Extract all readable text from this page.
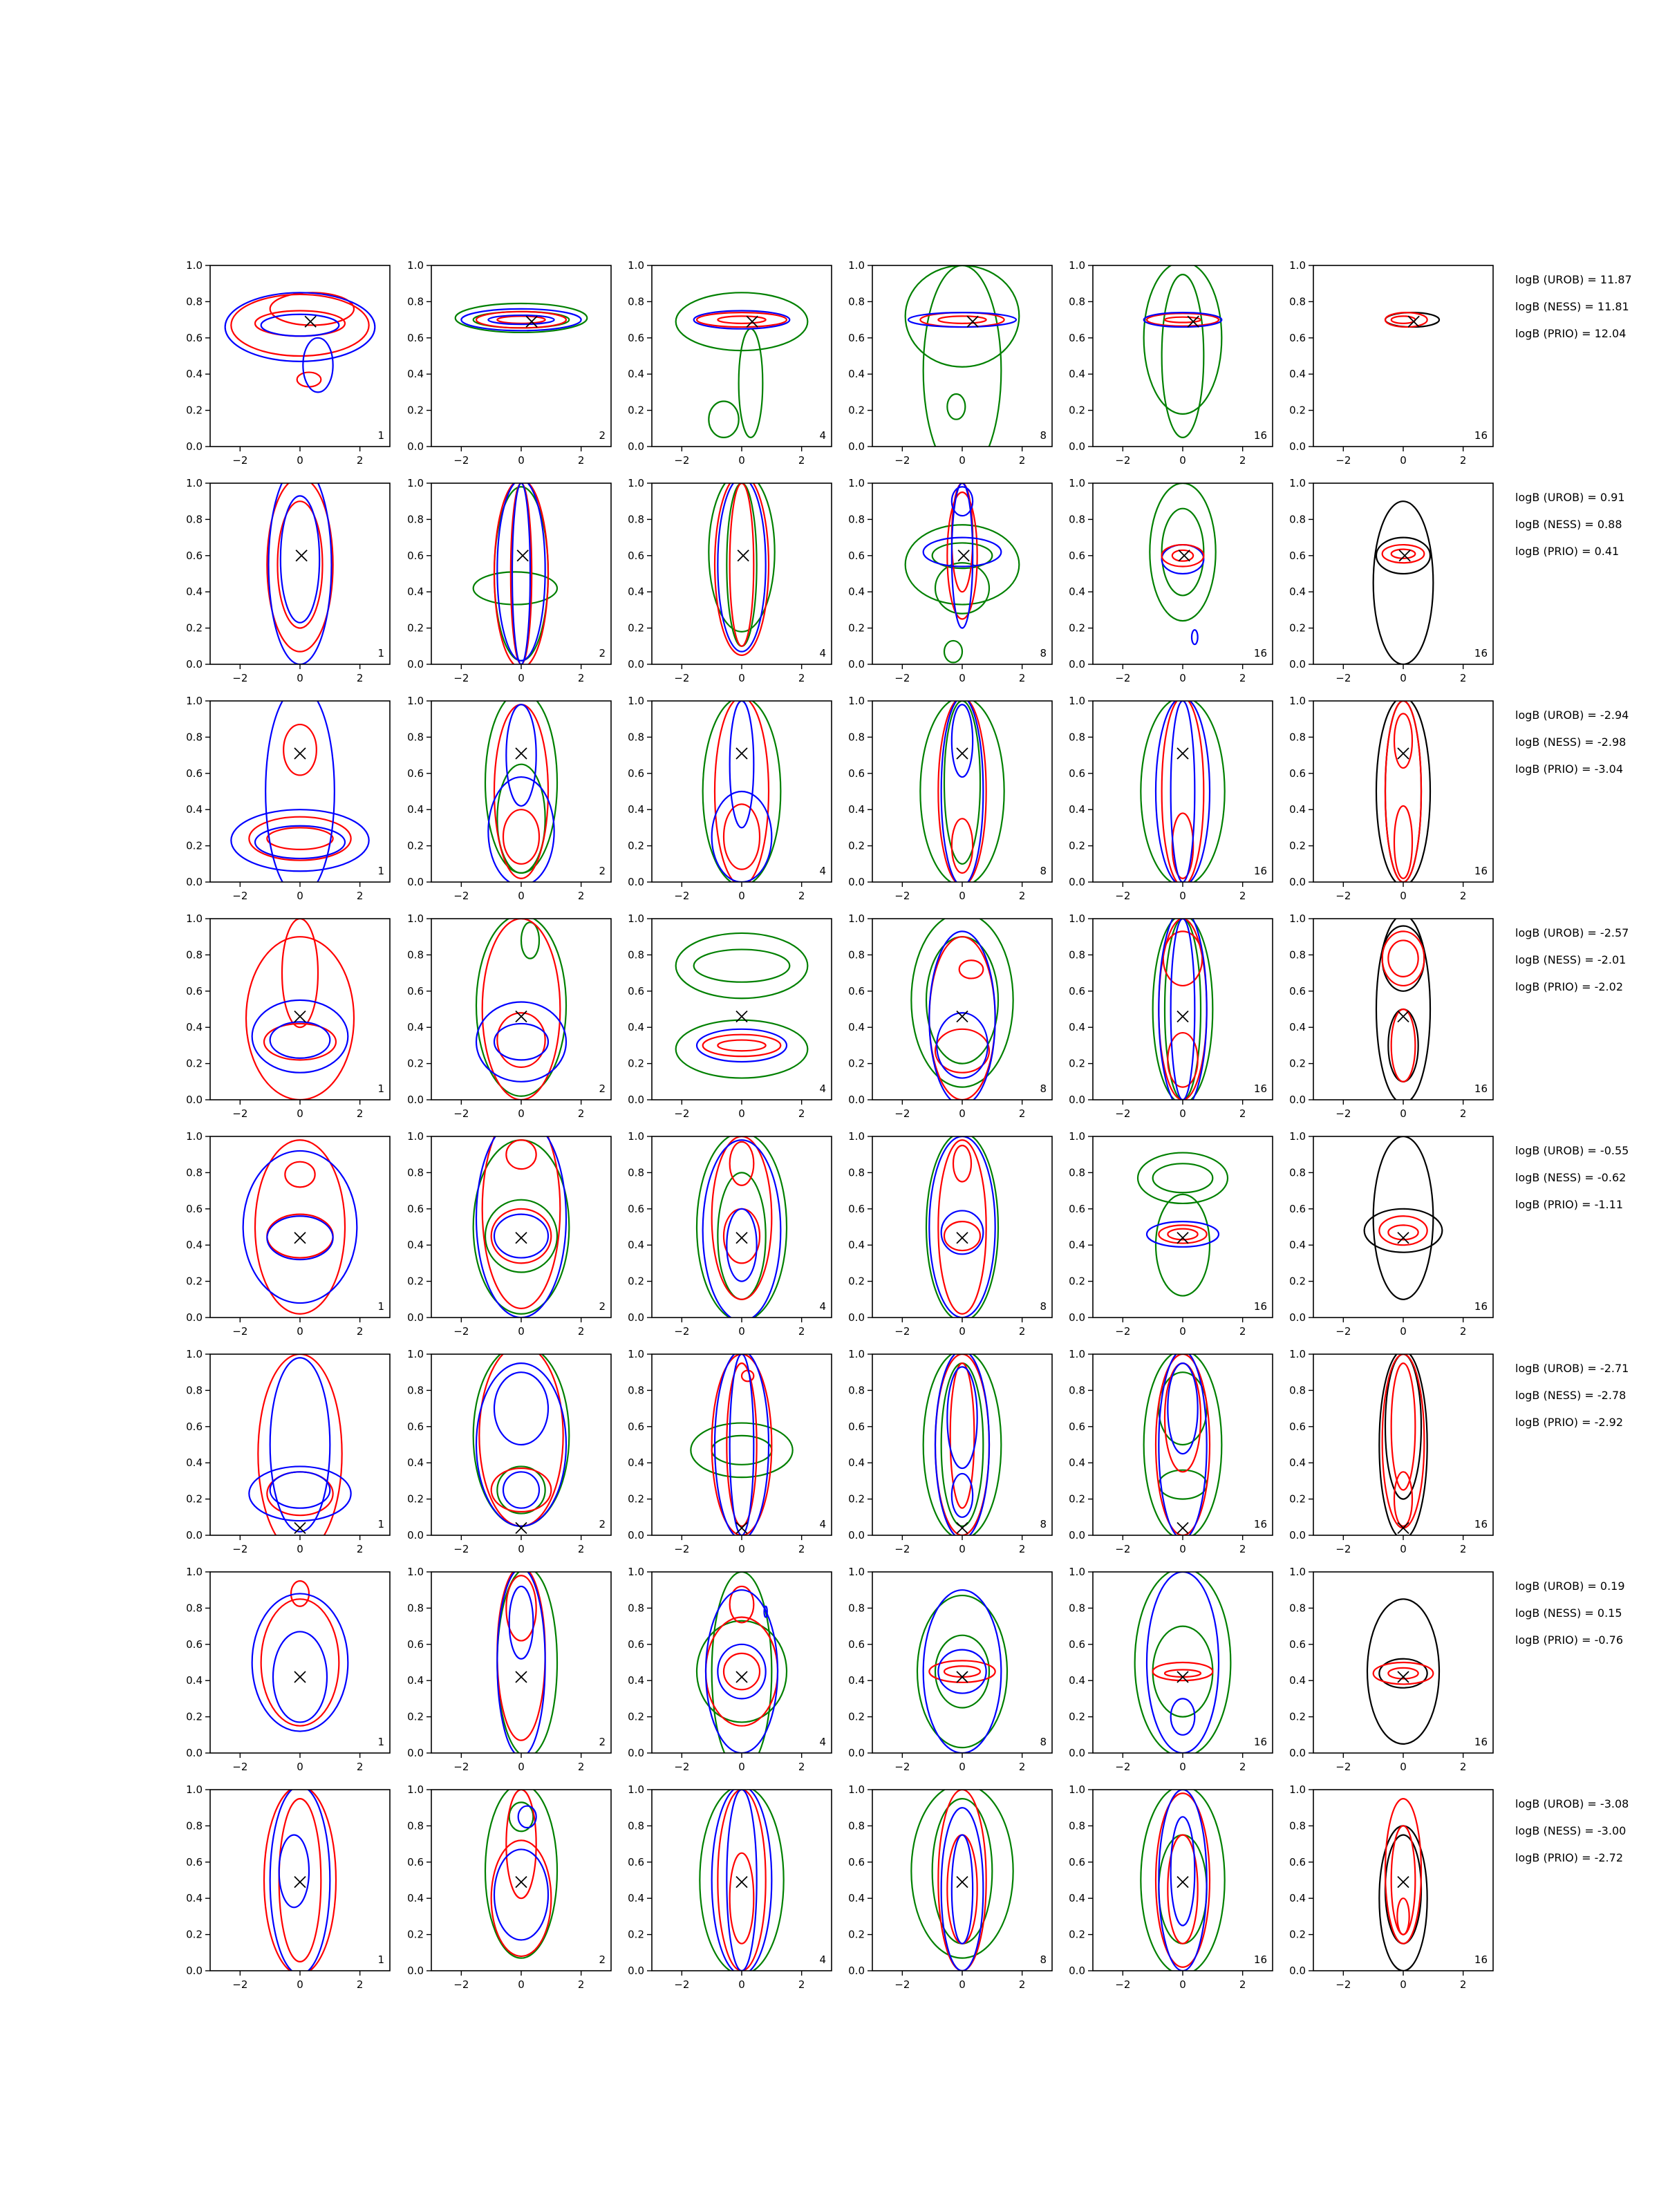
−2	0	2
0.0
0.2
0.4
0.6
0.8
1.0
1
−2	0	2
0.0
0.2
0.4
0.6
0.8
1.0
2
−2	0	2
0.0
0.2
0.4
0.6
0.8
1.0
4
−2	0	2
0.0
0.2
0.4
0.6
0.8
1.0
8
−2	0	2
0.0
0.2
0.4
0.6
0.8
1.0
16
−2	0	2
0.0
0.2
0.4
0.6
0.8
1.0
16
−2	0	2
0.0
0.2
0.4
0.6
0.8
1.0
1
−2	0	2
0.0
0.2
0.4
0.6
0.8
1.0
2
−2	0	2
0.0
0.2
0.4
0.6
0.8
1.0
4
−2	0	2
0.0
0.2
0.4
0.6
0.8
1.0
8
−2	0	2
0.0
0.2
0.4
0.6
0.8
1.0
16
−2	0	2
0.0
0.2
0.4
0.6
0.8
1.0
16
−2	0	2
0.0
0.2
0.4
0.6
0.8
1.0
1
−2	0	2
0.0
0.2
0.4
0.6
0.8
1.0
2
−2	0	2
0.0
0.2
0.4
0.6
0.8
1.0
4
−2	0	2
0.0
0.2
0.4
0.6
0.8
1.0
8
−2	0	2
0.0
0.2
0.4
0.6
0.8
1.0
16
−2	0	2
0.0
0.2
0.4
0.6
0.8
1.0
16
−2	0	2
0.0
0.2
0.4
0.6
0.8
1.0
1
−2	0	2
0.0
0.2
0.4
0.6
0.8
1.0
2
−2	0	2
0.0
0.2
0.4
0.6
0.8
1.0
4
−2	0	2
0.0
0.2
0.4
0.6
0.8
1.0
8
−2	0	2
0.0
0.2
0.4
0.6
0.8
1.0
16
−2	0	2
0.0
0.2
0.4
0.6
0.8
1.0
16
−2	0	2
0.0
0.2
0.4
0.6
0.8
1.0
1
−2	0	2
0.0
0.2
0.4
0.6
0.8
1.0
2
−2	0	2
0.0
0.2
0.4
0.6
0.8
1.0
4
−2	0	2
0.0
0.2
0.4
0.6
0.8
1.0
8
−2	0	2
0.0
0.2
0.4
0.6
0.8
1.0
16
−2	0	2
0.0
0.2
0.4
0.6
0.8
1.0
16
−2	0	2
0.0
0.2
0.4
0.6
0.8
1.0
1
−2	0	2
0.0
0.2
0.4
0.6
0.8
1.0
2
−2	0	2
0.0
0.2
0.4
0.6
0.8
1.0
4
−2	0	2
0.0
0.2
0.4
0.6
0.8
1.0
8
−2	0	2
0.0
0.2
0.4
0.6
0.8
1.0
16
−2	0	2
0.0
0.2
0.4
0.6
0.8
1.0
16
−2	0	2
0.0
0.2
0.4
0.6
0.8
1.0
1
−2	0	2
0.0
0.2
0.4
0.6
0.8
1.0
2
−2	0	2
0.0
0.2
0.4
0.6
0.8
1.0
4
−2	0	2
0.0
0.2
0.4
0.6
0.8
1.0
8
−2	0	2
0.0
0.2
0.4
0.6
0.8
1.0
16
−2	0	2
0.0
0.2
0.4
0.6
0.8
1.0
16
−2	0	2
0.0
0.2
0.4
0.6
0.8
1.0
1
−2	0	2
0.0
0.2
0.4
0.6
0.8
1.0
2
−2	0	2
0.0
0.2
0.4
0.6
0.8
1.0
4
−2	0	2
0.0
0.2
0.4
0.6
0.8
1.0
8
−2	0	2
0.0
0.2
0.4
0.6
0.8
1.0
16
−2	0	2
0.0
0.2
0.4
0.6
0.8
1.0
16
logB (UROB) = 11.87
logB (NESS) = 11.81
logB (PRIO) = 12.04
logB (UROB) = 0.91
logB (NESS) = 0.88
logB (PRIO) = 0.41
logB (UROB) = -2.94
logB (NESS) = -2.98
logB (PRIO) = -3.04
logB (UROB) = -2.57
logB (NESS) = -2.01
logB (PRIO) = -2.02
logB (UROB) = -0.55
logB (NESS) = -0.62
logB (PRIO) = -1.11
logB (UROB) = -2.71
logB (NESS) = -2.78
logB (PRIO) = -2.92
logB (UROB) = 0.19
logB (NESS) = 0.15
logB (PRIO) = -0.76
logB (UROB) = -3.08
logB (NESS) = -3.00
logB (PRIO) = -2.72
